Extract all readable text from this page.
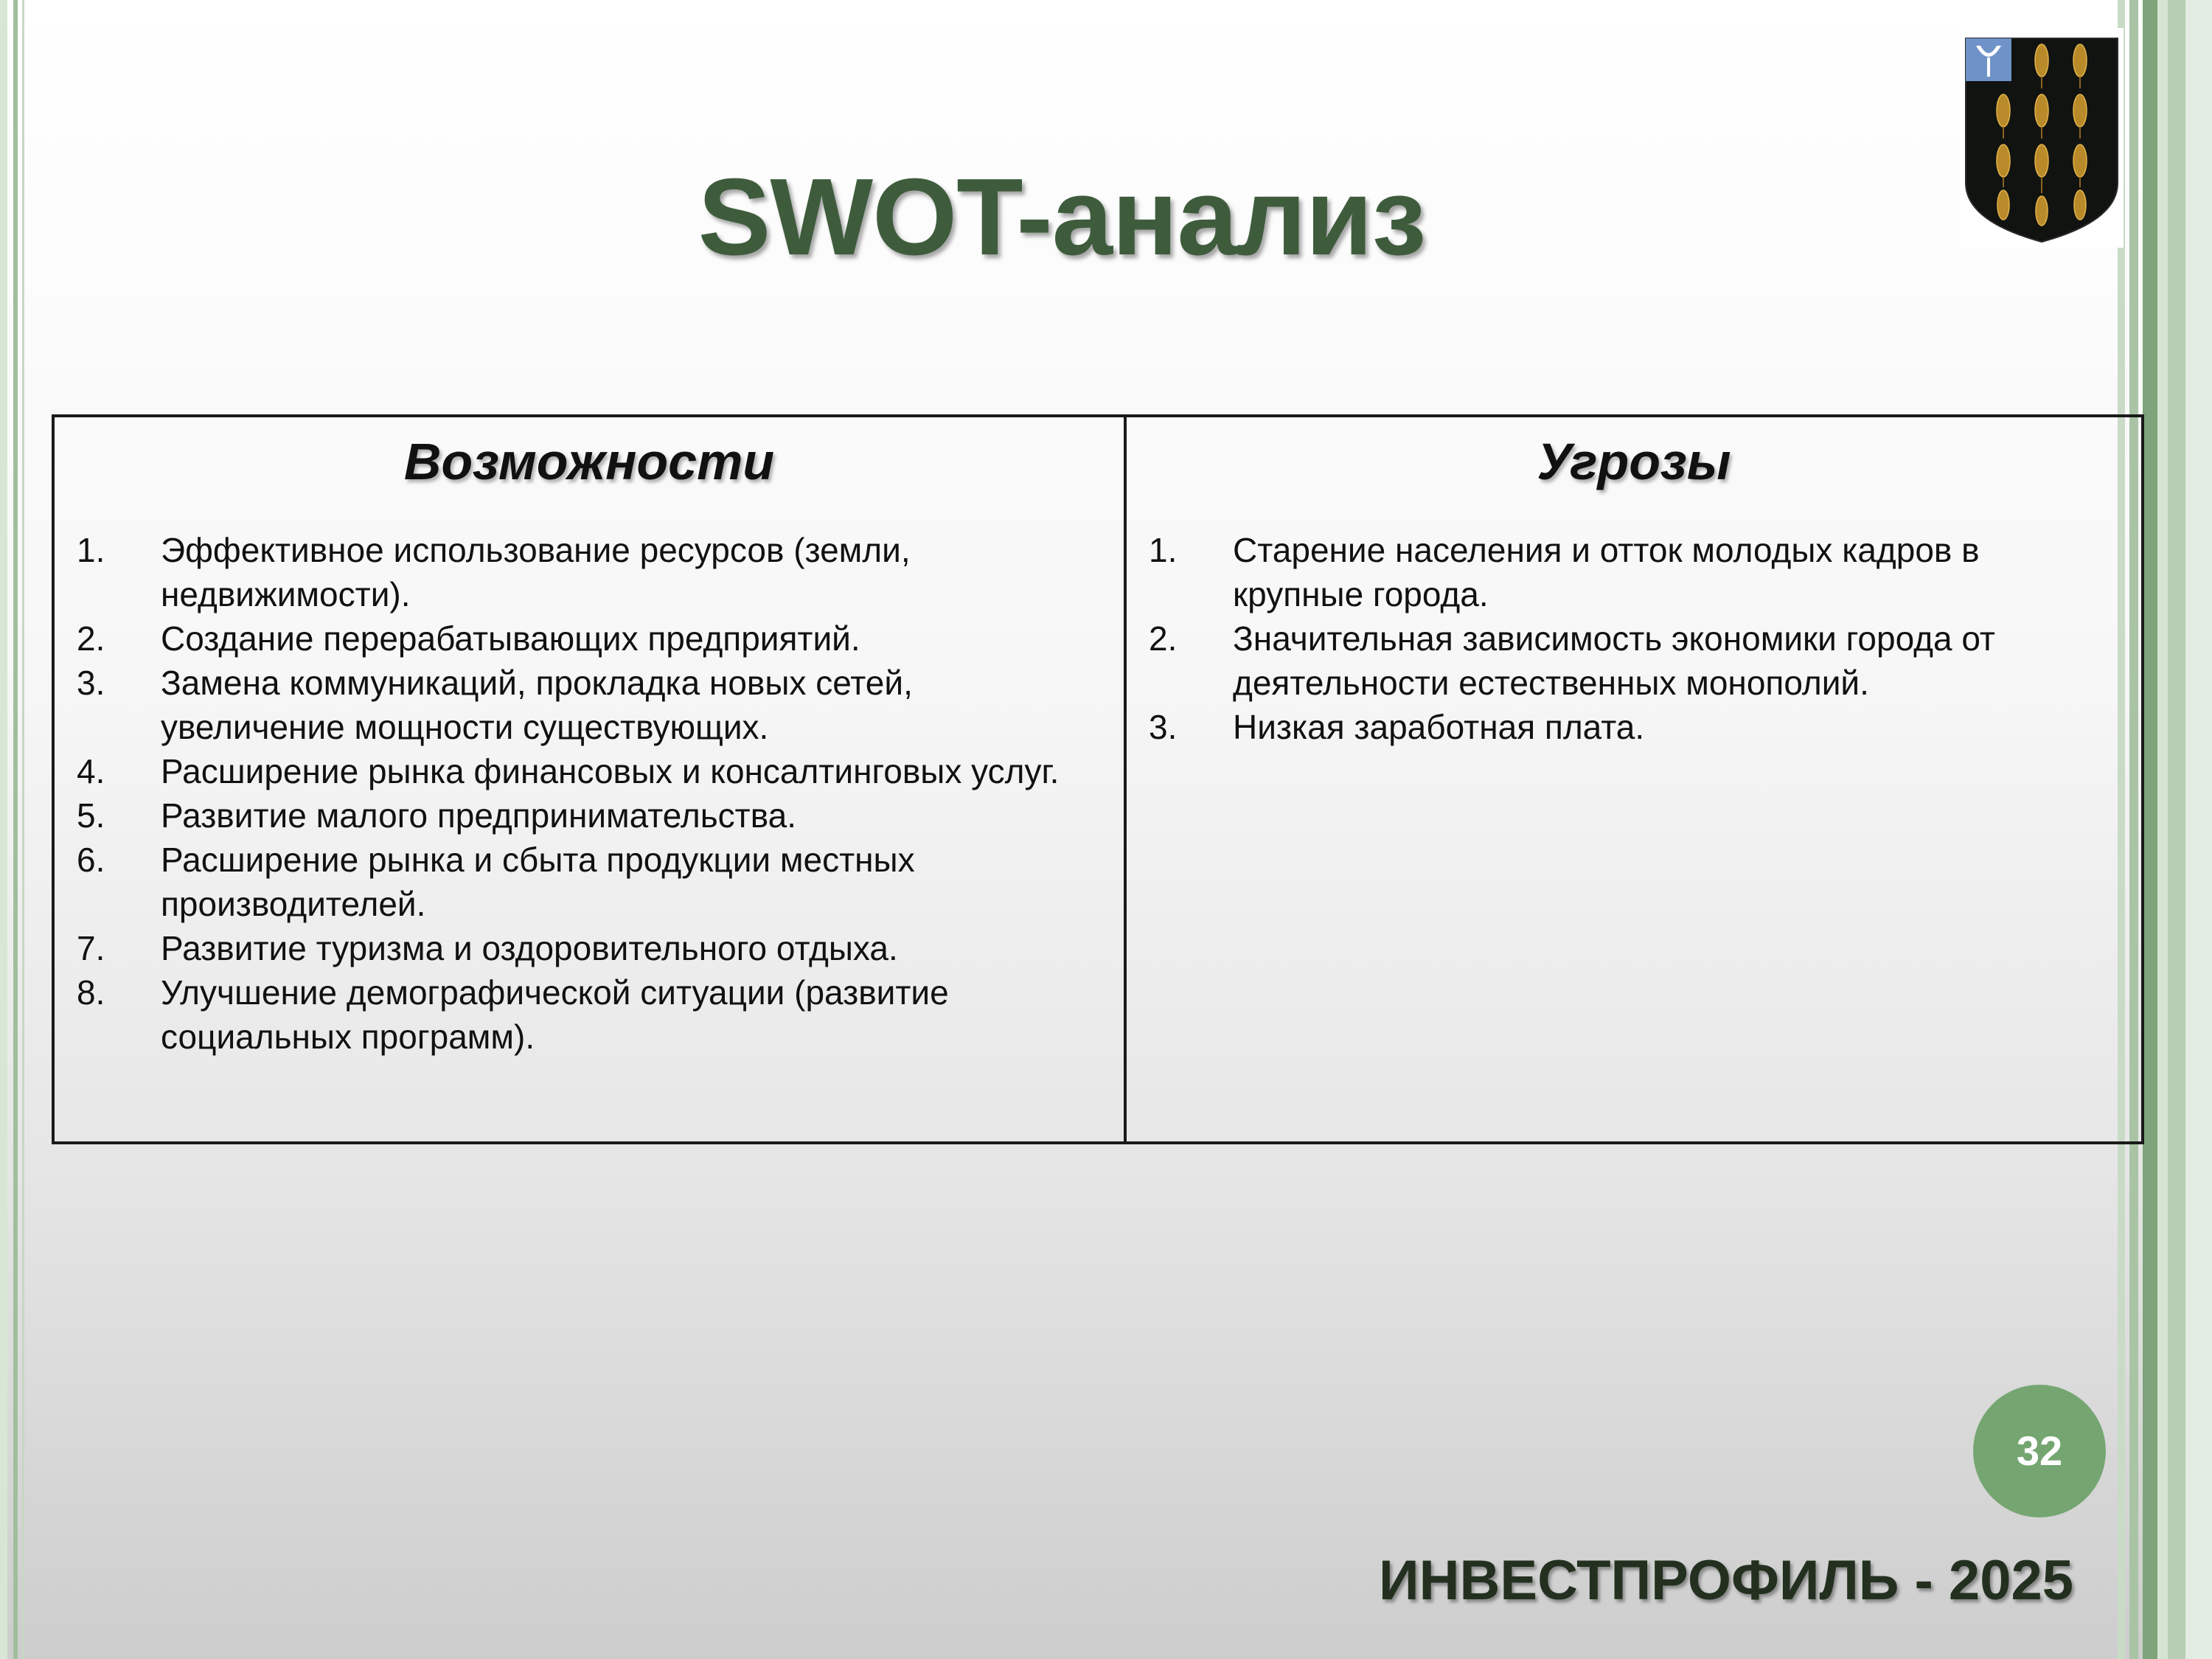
SWOT-анализ
Возможности
1.	Эффективное использование ресурсов (земли, недвижимости).
2.	Создание перерабатывающих предприятий.
3.	Замена коммуникаций, прокладка новых сетей, увеличение мощности существующих.
4.	Расширение рынка финансовых и консалтинговых услуг.
5.	Развитие малого предпринимательства.
6.	Расширение рынка и сбыта продукции местных производителей.
7.	Развитие туризма и оздоровительного отдыха.
8.	Улучшение демографической ситуации (развитие социальных программ).
Угрозы
1.	Старение населения и отток молодых кадров в крупные города.
2.	Значительная зависимость экономики города от деятельности естественных монополий.
3.	Низкая заработная плата.
32
ИНВЕСТПРОФИЛЬ - 2025
